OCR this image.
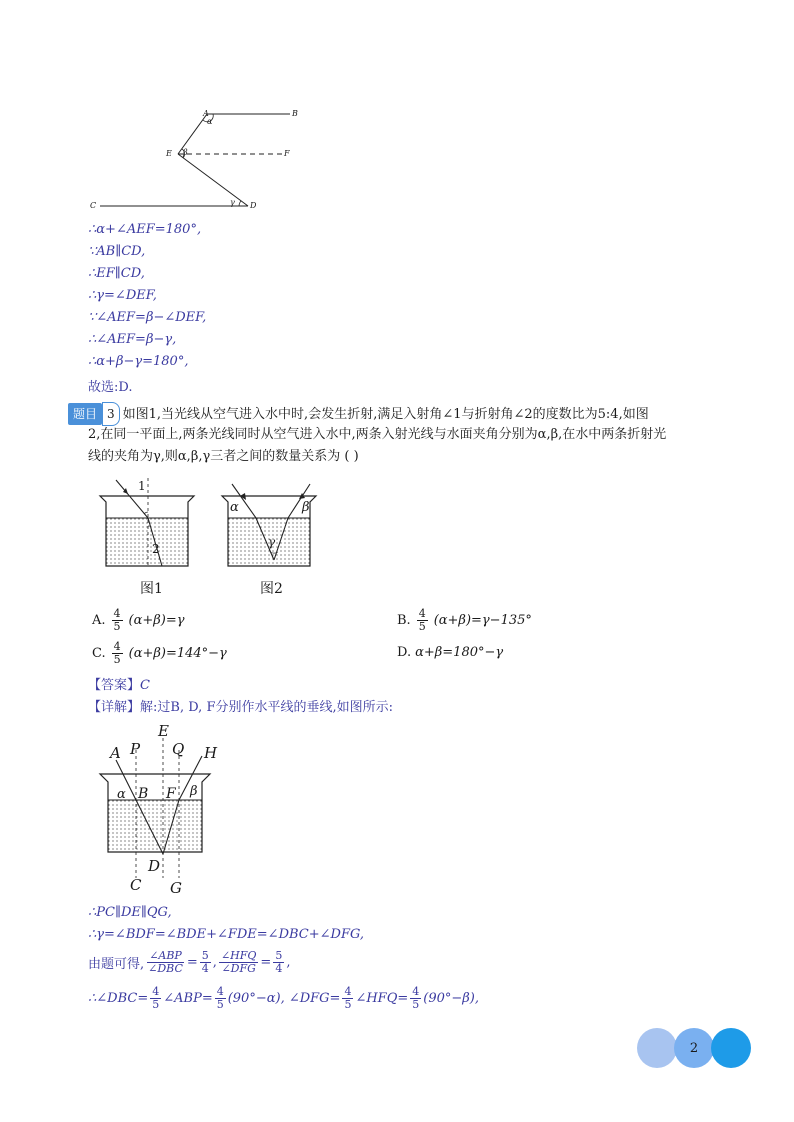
A	B
E	F
C	D
α
β
γ
∴α+∠AEF=180°,
∵AB∥CD,
∴EF∥CD,
∴γ=∠DEF,
∵∠AEF=β−∠DEF,
∴∠AEF=β−γ,
∴α+β−γ=180°,
故选:D.
题目 3 如图1,当光线从空气进入水中时,会发生折射,满足入射角∠1与折射角∠2的度数比为5:4,如图
2,在同一平面上,两条光线同时从空气进入水中,两条入射光线与水面夹角分别为α,β,在水中两条折射光
线的夹角为γ,则α,β,γ三者之间的数量关系为 ( )
1
2
图1
α	β
γ
图2
A. $\frac{4}{5} (\alpha+\beta)=\gamma$	B. $\frac{4}{5} (\alpha+\beta)=\gamma-135^\circ$
C. $\frac{4}{5} (\alpha+\beta)=144^\circ-\gamma$	D. α+β=180°−γ
【答案】C
【详解】解:过B, D, F分别作水平线的垂线,如图所示:
A P
E
Q H
α B F β
D
C G
∴PC∥DE∥QG,
∴γ=∠BDF=∠BDE+∠FDE=∠DBC+∠DFG,
由题可得, $\frac{\text{∠ABP}}{\text{∠DBC}} = \frac{5}{4}$ , $\frac{\text{∠HFQ}}{\text{∠DFG}} = \frac{5}{4}$ ,
∴∠DBC= $\frac{4}{5}$ ∠ABP= $\frac{4}{5} (90^\circ-\alpha)$, ∠DFG= $\frac{4}{5}$ ∠HFQ= $\frac{4}{5} (90^\circ-\beta)$,
2
